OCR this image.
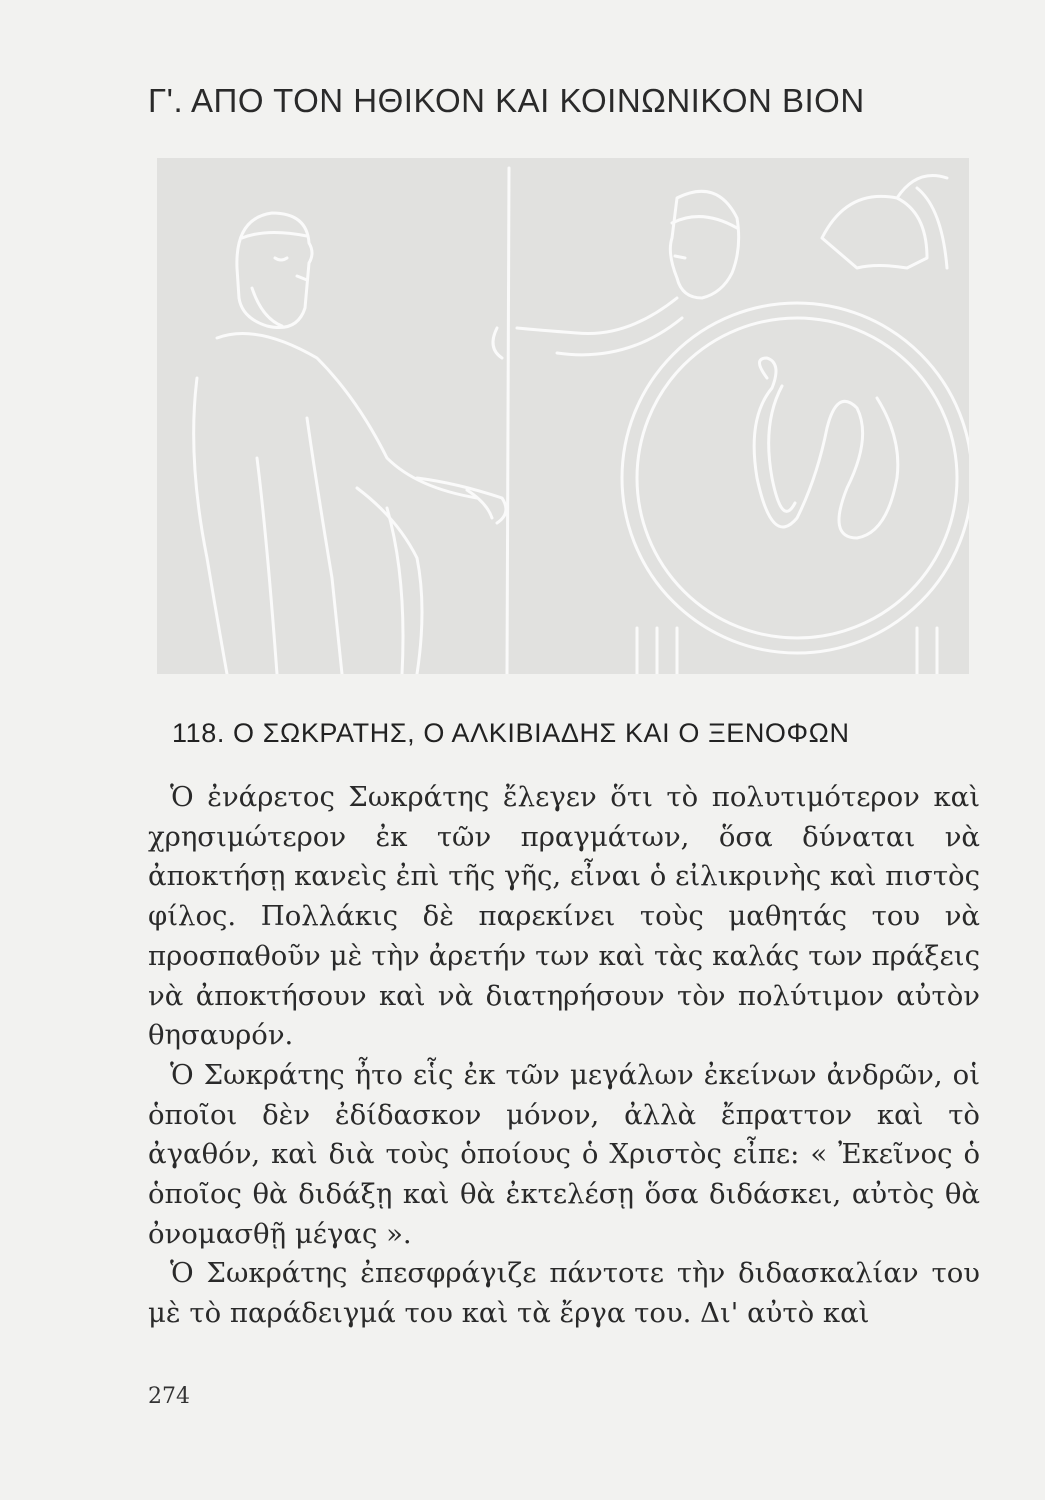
Γ'. ΑΠΟ ΤΟΝ ΗΘΙΚΟΝ ΚΑΙ ΚΟΙΝΩΝΙΚΟΝ ΒΙΟΝ
118. Ο ΣΩΚΡΑΤΗΣ, Ο ΑΛΚΙΒΙΑΔΗΣ ΚΑΙ Ο ΞΕΝΟΦΩΝ

Ὁ ἐνάρετος Σωκράτης ἔλεγεν ὅτι τὸ πολυτιμότερον καὶ χρησιμώτερον ἐκ τῶν πραγμάτων, ὅσα δύναται νὰ ἀποκτήσῃ κανεὶς ἐπὶ τῆς γῆς, εἶναι ὁ εἰλικρινὴς καὶ πιστὸς φίλος. Πολλάκις δὲ παρεκίνει τοὺς μαθητάς του νὰ προσπαθοῦν μὲ τὴν ἀρετήν των καὶ τὰς καλάς των πράξεις νὰ ἀποκτήσουν καὶ νὰ διατηρήσουν τὸν πολύτιμον αὐτὸν θησαυρόν.

Ὁ Σωκράτης ἦτο εἷς ἐκ τῶν μεγάλων ἐκείνων ἀνδρῶν, οἱ ὁποῖοι δὲν ἐδίδασκον μόνον, ἀλλὰ ἔπραττον καὶ τὸ ἀγαθόν, καὶ διὰ τοὺς ὁποίους ὁ Χριστὸς εἶπε: « Ἐκεῖνος ὁ ὁποῖος θὰ διδάξῃ καὶ θὰ ἐκτελέσῃ ὅσα διδάσκει, αὐτὸς θὰ ὀνομασθῇ μέγας ».

Ὁ Σωκράτης ἐπεσφράγιζε πάντοτε τὴν διδασκαλίαν του μὲ τὸ παράδειγμά του καὶ τὰ ἔργα του. Δι' αὐτὸ καὶ

274
